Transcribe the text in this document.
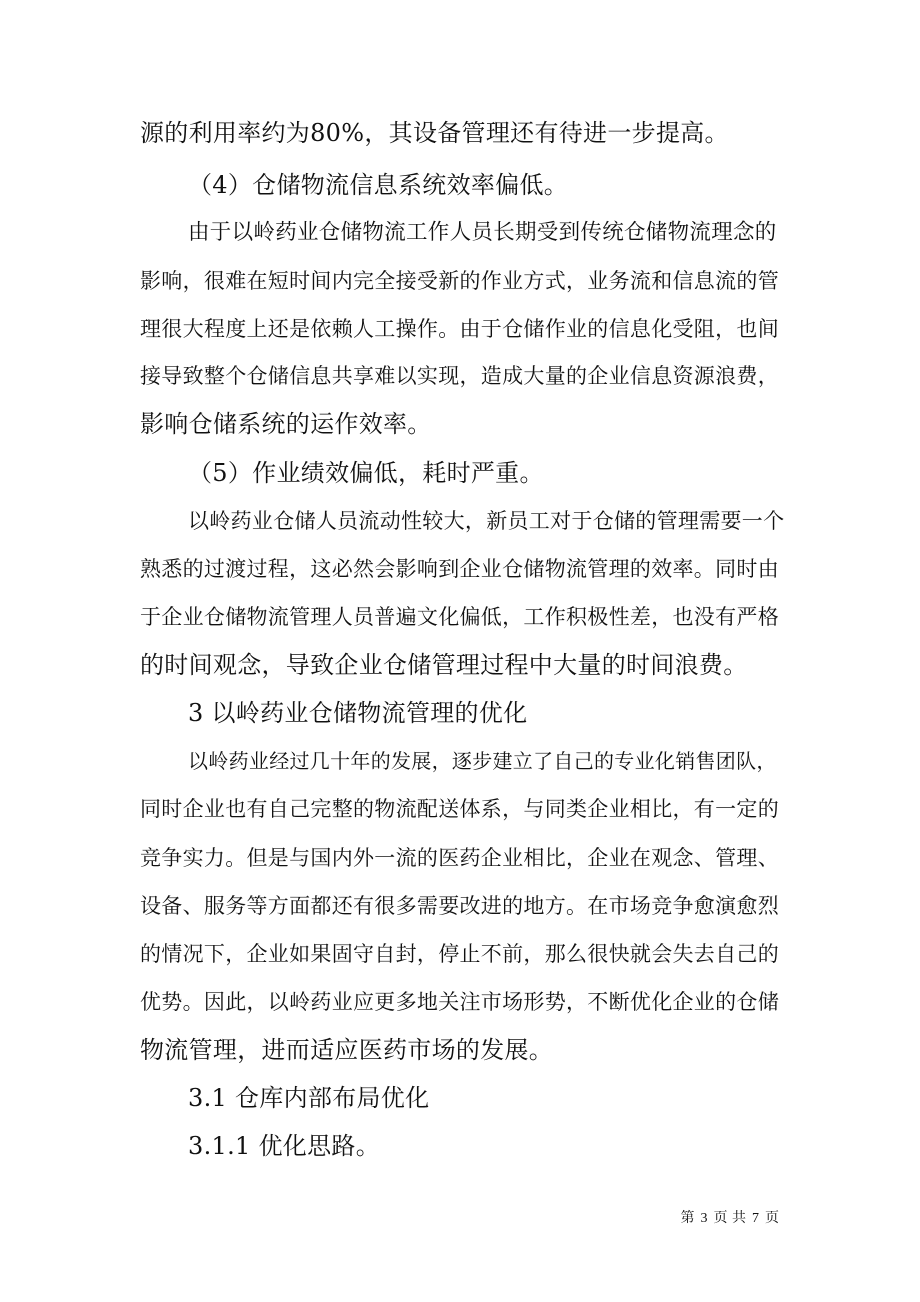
源的利用率约为80%，其设备管理还有待进一步提高。
（4）仓储物流信息系统效率偏低。
由于以岭药业仓储物流工作人员长期受到传统仓储物流理念的
影响，很难在短时间内完全接受新的作业方式，业务流和信息流的管
理很大程度上还是依赖人工操作。由于仓储作业的信息化受阻，也间
接导致整个仓储信息共享难以实现，造成大量的企业信息资源浪费，
影响仓储系统的运作效率。
（5）作业绩效偏低，耗时严重。
以岭药业仓储人员流动性较大，新员工对于仓储的管理需要一个
熟悉的过渡过程，这必然会影响到企业仓储物流管理的效率。同时由
于企业仓储物流管理人员普遍文化偏低，工作积极性差，也没有严格
的时间观念，导致企业仓储管理过程中大量的时间浪费。
3 以岭药业仓储物流管理的优化
以岭药业经过几十年的发展，逐步建立了自己的专业化销售团队，
同时企业也有自己完整的物流配送体系，与同类企业相比，有一定的
竞争实力。但是与国内外一流的医药企业相比，企业在观念、管理、
设备、服务等方面都还有很多需要改进的地方。在市场竞争愈演愈烈
的情况下，企业如果固守自封，停止不前，那么很快就会失去自己的
优势。因此，以岭药业应更多地关注市场形势，不断优化企业的仓储
物流管理，进而适应医药市场的发展。
3.1 仓库内部布局优化
3.1.1 优化思路。
第 3 页 共 7 页
